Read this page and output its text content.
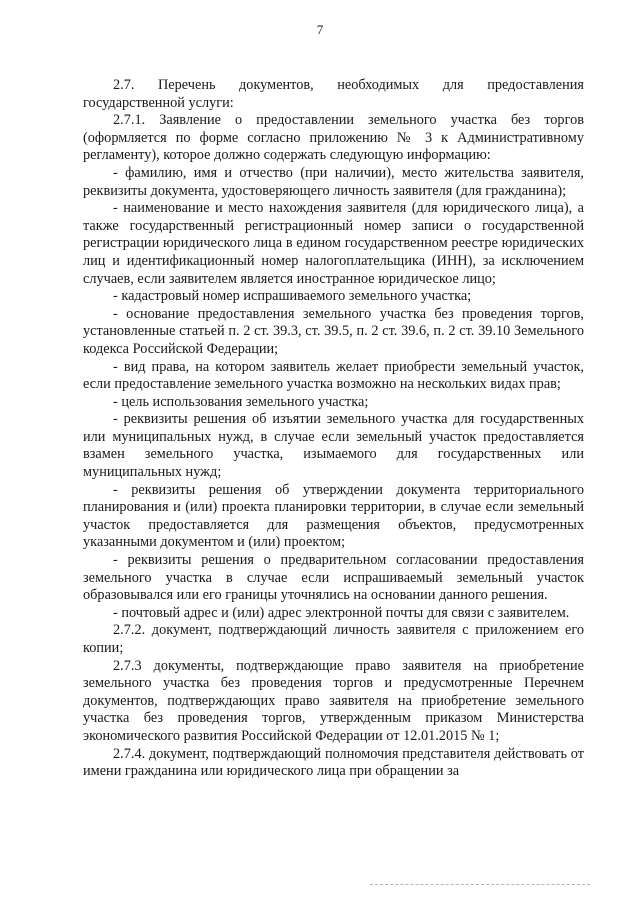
7

2.7. Перечень документов, необходимых для предоставления государственной услуги:

2.7.1. Заявление о предоставлении земельного участка без торгов (оформляется по форме согласно приложению № 3 к Административному регламенту), которое должно содержать следующую информацию:

- фамилию, имя и отчество (при наличии), место жительства заявителя, реквизиты документа, удостоверяющего личность заявителя (для гражданина);

- наименование и место нахождения заявителя (для юридического лица), а также государственный регистрационный номер записи о государственной регистрации юридического лица в едином государственном реестре юридических лиц и идентификационный номер налогоплательщика (ИНН), за исключением случаев, если заявителем является иностранное юридическое лицо;

- кадастровый номер испрашиваемого земельного участка;

- основание предоставления земельного участка без проведения торгов, установленные статьей п. 2 ст. 39.3, ст. 39.5, п. 2 ст. 39.6, п. 2 ст. 39.10 Земельного кодекса Российской Федерации;

- вид права, на котором заявитель желает приобрести земельный участок, если предоставление земельного участка возможно на нескольких видах прав;

- цель использования земельного участка;

- реквизиты решения об изъятии земельного участка для государственных или муниципальных нужд, в случае если земельный участок предоставляется взамен земельного участка, изымаемого для государственных или муниципальных нужд;

- реквизиты решения об утверждении документа территориального планирования и (или) проекта планировки территории, в случае если земельный участок предоставляется для размещения объектов, предусмотренных указанными документом и (или) проектом;

- реквизиты решения о предварительном согласовании предоставления земельного участка в случае если испрашиваемый земельный участок образовывался или его границы уточнялись на основании данного решения.

- почтовый адрес и (или) адрес электронной почты для связи с заявителем.

2.7.2. документ, подтверждающий личность заявителя с приложением его копии;

2.7.3 документы, подтверждающие право заявителя на приобретение земельного участка без проведения торгов и предусмотренные Перечнем документов, подтверждающих право заявителя на приобретение земельного участка без проведения торгов, утвержденным приказом Министерства экономического развития Российской Федерации от 12.01.2015 № 1;

2.7.4. документ, подтверждающий полномочия представителя действовать от имени гражданина или юридического лица при обращении за
